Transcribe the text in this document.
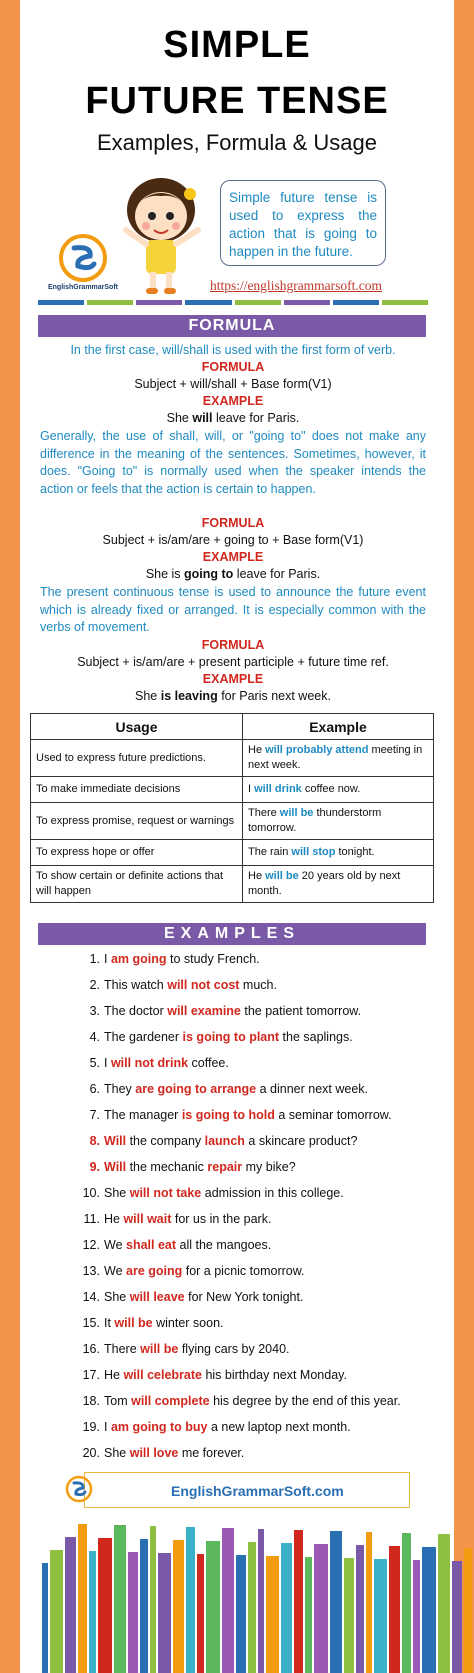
SIMPLE
FUTURE TENSE
Examples, Formula & Usage
Simple future tense is used to express the action that is going to happen in the future.
EnglishGrammarSoft	https://englishgrammarsoft.com
FORMULA
In the first case, will/shall is used with the first form of verb.
FORMULA
Subject + will/shall + Base form(V1)
EXAMPLE
She will leave for Paris.
Generally, the use of shall, will, or "going to" does not make any difference in the meaning of the sentences. Sometimes, however, it does. "Going to" is normally used when the speaker intends the action or feels that the action is certain to happen.
FORMULA
Subject + is/am/are + going to + Base form(V1)
EXAMPLE
She is going to leave for Paris.
The present continuous tense is used to announce the future event which is already fixed or arranged. It is especially common with the verbs of movement.
FORMULA
Subject + is/am/are + present participle + future time ref.
EXAMPLE
She is leaving for Paris next week.
Usage	Example
Used to express future predictions.	He will probably attend meeting in next week.
To make immediate decisions	I will drink coffee now.
To express promise, request or warnings	There will be thunderstorm tomorrow.
To express hope or offer	The rain will stop tonight.
To show certain or definite actions that will happen	He will be 20 years old by next month.
EXAMPLES
1. I am going to study French.
2. This watch will not cost much.
3. The doctor will examine the patient tomorrow.
4. The gardener is going to plant the saplings.
5. I will not drink coffee.
6. They are going to arrange a dinner next week.
7. The manager is going to hold a seminar tomorrow.
8. Will the company launch a skincare product?
9. Will the mechanic repair my bike?
10. She will not take admission in this college.
11. He will wait for us in the park.
12. We shall eat all the mangoes.
13. We are going for a picnic tomorrow.
14. She will leave for New York tonight.
15. It will be winter soon.
16. There will be flying cars by 2040.
17. He will celebrate his birthday next Monday.
18. Tom will complete his degree by the end of this year.
19. I am going to buy a new laptop next month.
20. She will love me forever.
EnglishGrammarSoft.com
